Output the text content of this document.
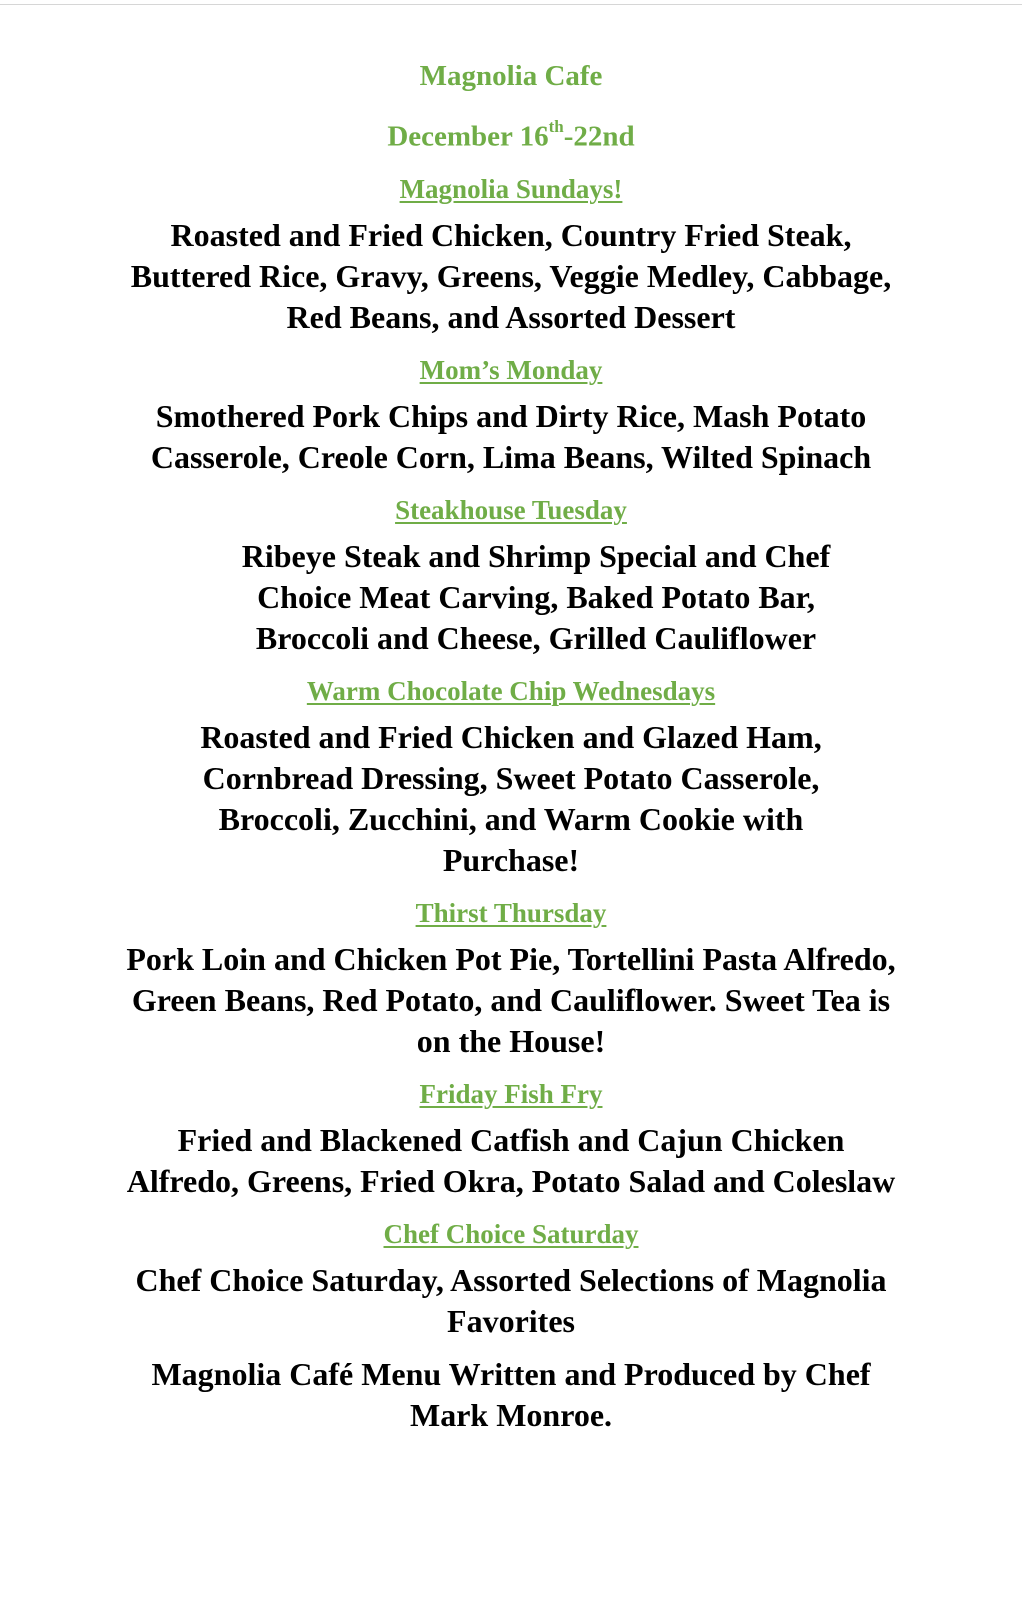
Magnolia Cafe

December 16th-22nd

Magnolia Sundays!
Roasted and Fried Chicken, Country Fried Steak, Buttered Rice, Gravy, Greens, Veggie Medley, Cabbage, Red Beans, and Assorted Dessert
Mom’s Monday
Smothered Pork Chips and Dirty Rice, Mash Potato Casserole, Creole Corn, Lima Beans, Wilted Spinach
Steakhouse Tuesday
Ribeye Steak and Shrimp Special and Chef Choice Meat Carving, Baked Potato Bar, Broccoli and Cheese, Grilled Cauliflower
Warm Chocolate Chip Wednesdays
Roasted and Fried Chicken and Glazed Ham, Cornbread Dressing, Sweet Potato Casserole, Broccoli, Zucchini, and Warm Cookie with Purchase!
Thirst Thursday
Pork Loin and Chicken Pot Pie, Tortellini Pasta Alfredo, Green Beans, Red Potato, and Cauliflower. Sweet Tea is on the House!
Friday Fish Fry
Fried and Blackened Catfish and Cajun Chicken Alfredo, Greens, Fried Okra, Potato Salad and Coleslaw
Chef Choice Saturday
Chef Choice Saturday, Assorted Selections of Magnolia Favorites
Magnolia Café Menu Written and Produced by Chef Mark Monroe.
